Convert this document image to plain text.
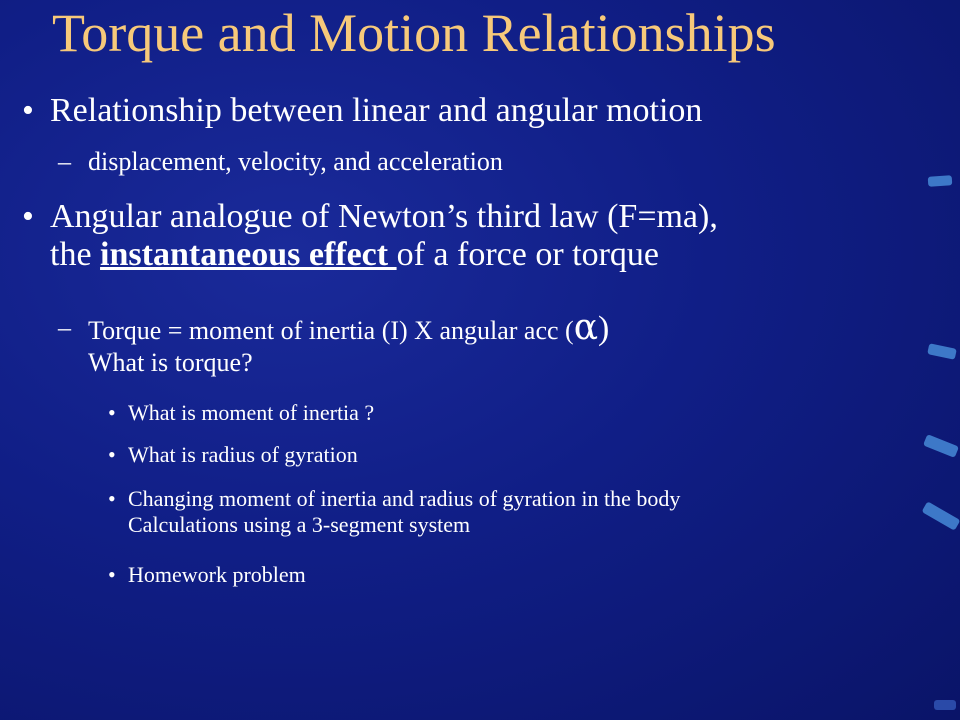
Torque and Motion Relationships
• Relationship between linear and angular motion
– displacement, velocity, and acceleration
• Angular analogue of Newton’s third law (F=ma),
the instantaneous effect of a force or torque
– Torque = moment of inertia (I) X angular acc (α)
What is torque?
• What is moment of inertia ?
• What is radius of gyration
• Changing moment of inertia and radius of gyration in the body
Calculations using a 3-segment system
• Homework problem
